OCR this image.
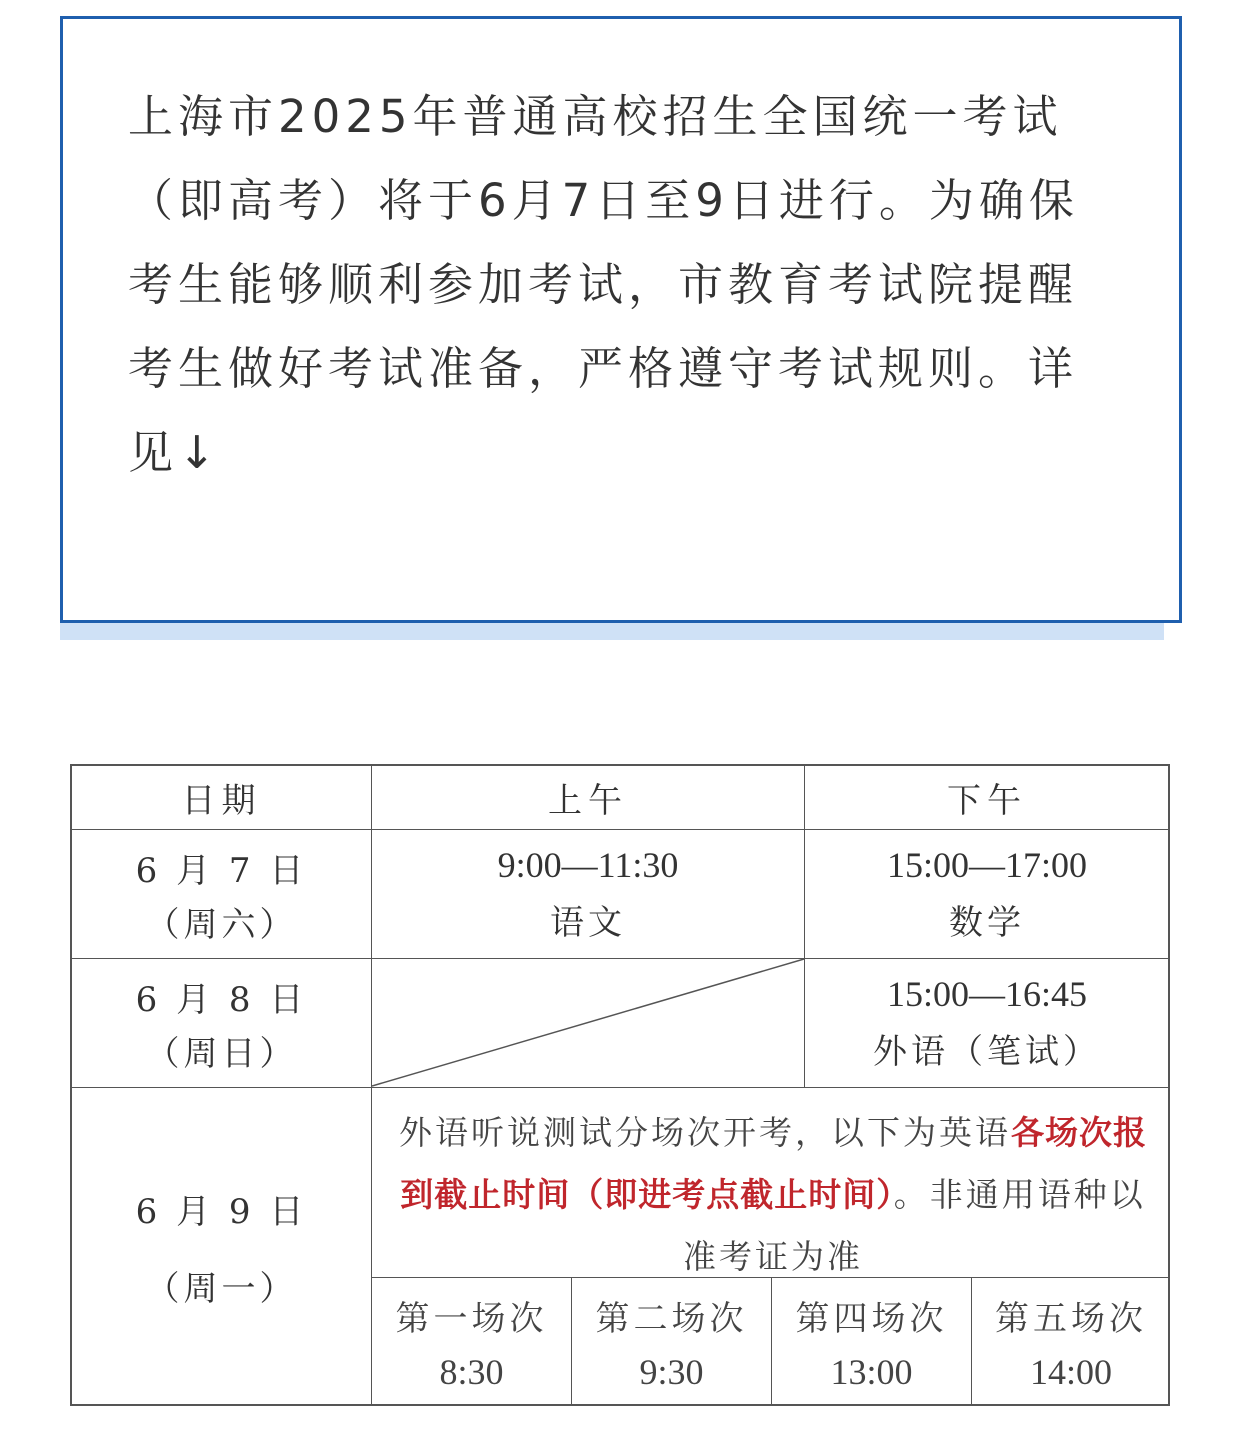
上海市2025年普通高校招生全国统一考试（即高考）将于6月7日至9日进行。为确保考生能够顺利参加考试，市教育考试院提醒考生做好考试准备，严格遵守考试规则。详见↓

日期	上午	下午
6 月 7 日
（周六）
9:00—11:30
语文
15:00—17:00
数学
6 月 8 日
（周日）
15:00—16:45
外语（笔试）
6 月 9 日
（周一）
外语听说测试分场次开考，以下为英语各场次报到截止时间（即进考点截止时间）。非通用语种以准考证为准
第一场次
8:30
第二场次
9:30
第四场次
13:00
第五场次
14:00
